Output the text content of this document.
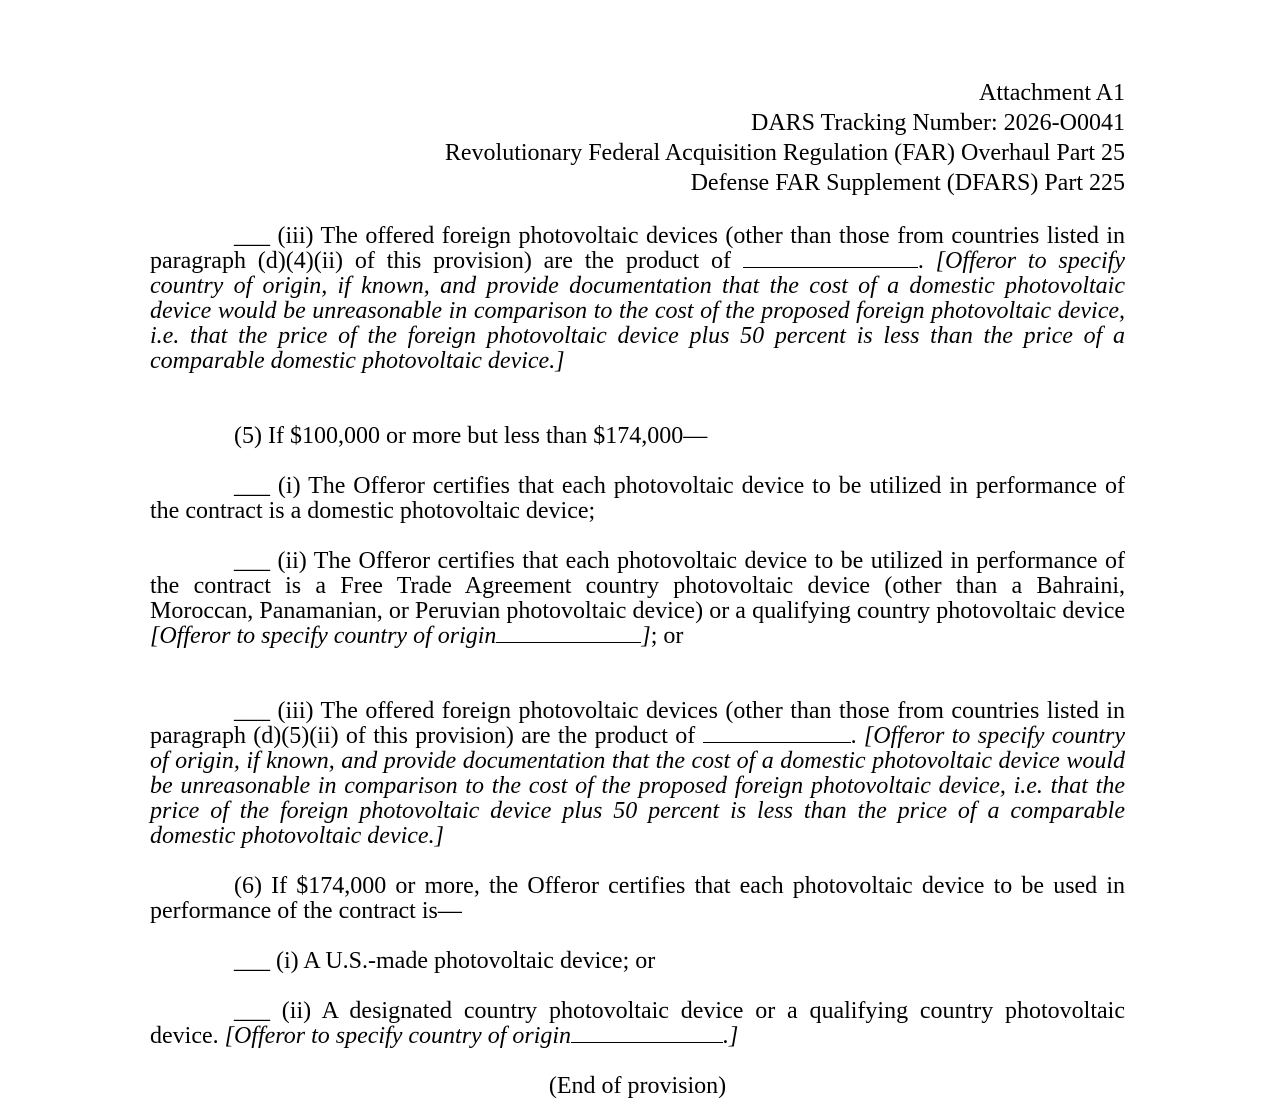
Attachment A1
DARS Tracking Number: 2026-O0041
Revolutionary Federal Acquisition Regulation (FAR) Overhaul Part 25
Defense FAR Supplement (DFARS) Part 225
___ (iii) The offered foreign photovoltaic devices (other than those from countries listed in paragraph (d)(4)(ii) of this provision) are the product of	. [Offeror to specify country of origin, if known, and provide documentation that the cost of a domestic photovoltaic device would be unreasonable in comparison to the cost of the proposed foreign photovoltaic device, i.e. that the price of the foreign photovoltaic device plus 50 percent is less than the price of a comparable domestic photovoltaic device.]
(5) If $100,000 or more but less than $174,000—
___ (i) The Offeror certifies that each photovoltaic device to be utilized in performance of the contract is a domestic photovoltaic device;
___ (ii) The Offeror certifies that each photovoltaic device to be utilized in performance of the contract is a Free Trade Agreement country photovoltaic device (other than a Bahraini, Moroccan, Panamanian, or Peruvian photovoltaic device) or a qualifying country photovoltaic device [Offeror to specify country of origin	]; or
___ (iii) The offered foreign photovoltaic devices (other than those from countries listed in paragraph (d)(5)(ii) of this provision) are the product of	. [Offeror to specify country of origin, if known, and provide documentation that the cost of a domestic photovoltaic device would be unreasonable in comparison to the cost of the proposed foreign photovoltaic device, i.e. that the price of the foreign photovoltaic device plus 50 percent is less than the price of a comparable domestic photovoltaic device.]
(6) If $174,000 or more, the Offeror certifies that each photovoltaic device to be used in performance of the contract is—
___ (i) A U.S.-made photovoltaic device; or
___ (ii) A designated country photovoltaic device or a qualifying country photovoltaic device. [Offeror to specify country of origin	.]
(End of provision)
